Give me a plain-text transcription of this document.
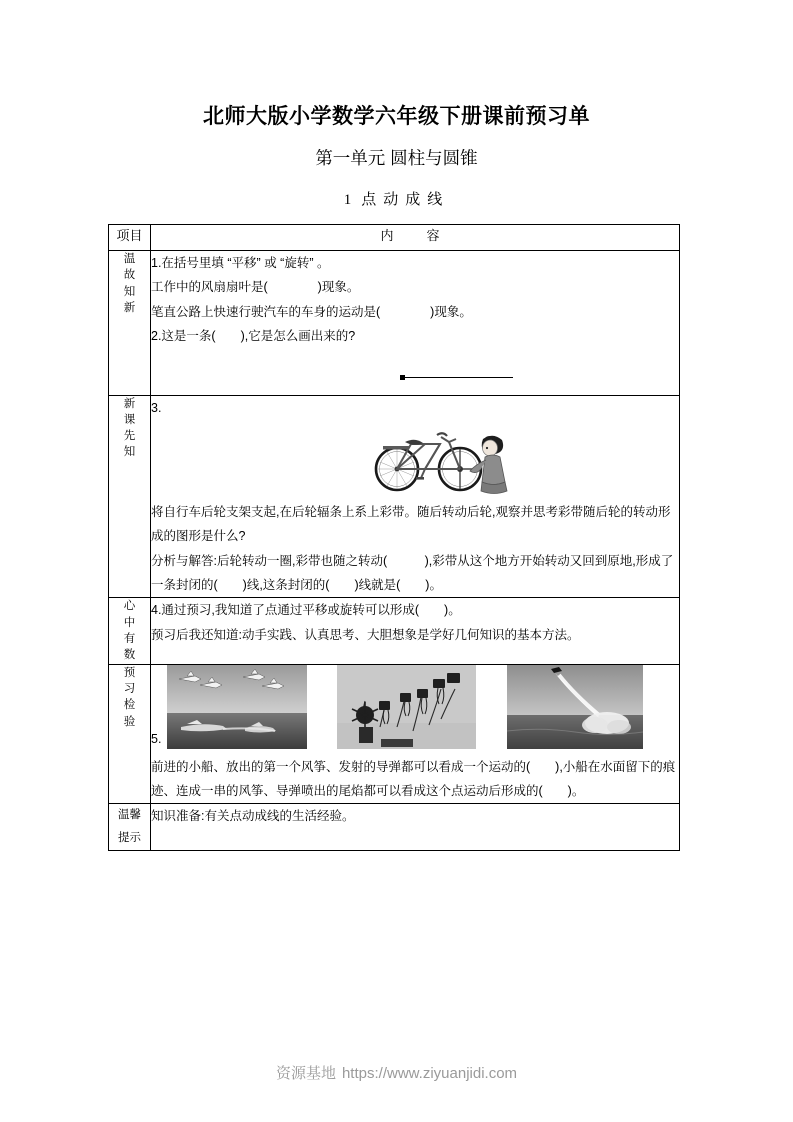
北师大版小学数学六年级下册课前预习单
第一单元 圆柱与圆锥
1 点动成线
项目	内　容
温故知新	1.在括号里填 “平移” 或 “旋转” 。

工作中的风扇扇叶是(　　　　)现象。

笔直公路上快速行驶汽车的车身的运动是(　　　　)现象。

2.这是一条(　　),它是怎么画出来的?

新课先知	3.

将自行车后轮支架支起,在后轮辐条上系上彩带。随后转动后轮,观察并思考彩带随后轮的转动形成的图形是什么?

分析与解答:后轮转动一圈,彩带也随之转动(　　　),彩带从这个地方开始转动又回到原地,形成了一条封闭的(　　)线,这条封闭的(　　)线就是(　　)。

心中有数	4.通过预习,我知道了点通过平移或旋转可以形成(　　)。

预习后我还知道:动手实践、认真思考、大胆想象是学好几何知识的基本方法。

预习检验	5.

前进的小船、放出的第一个风筝、发射的导弹都可以看成一个运动的(　　),小船在水面留下的痕迹、连成一串的风筝、导弹喷出的尾焰都可以看成这个点运动后形成的(　　)。

温馨提示	知识准备:有关点动成线的生活经验。

资源基地 https://www.ziyuanjidi.com
